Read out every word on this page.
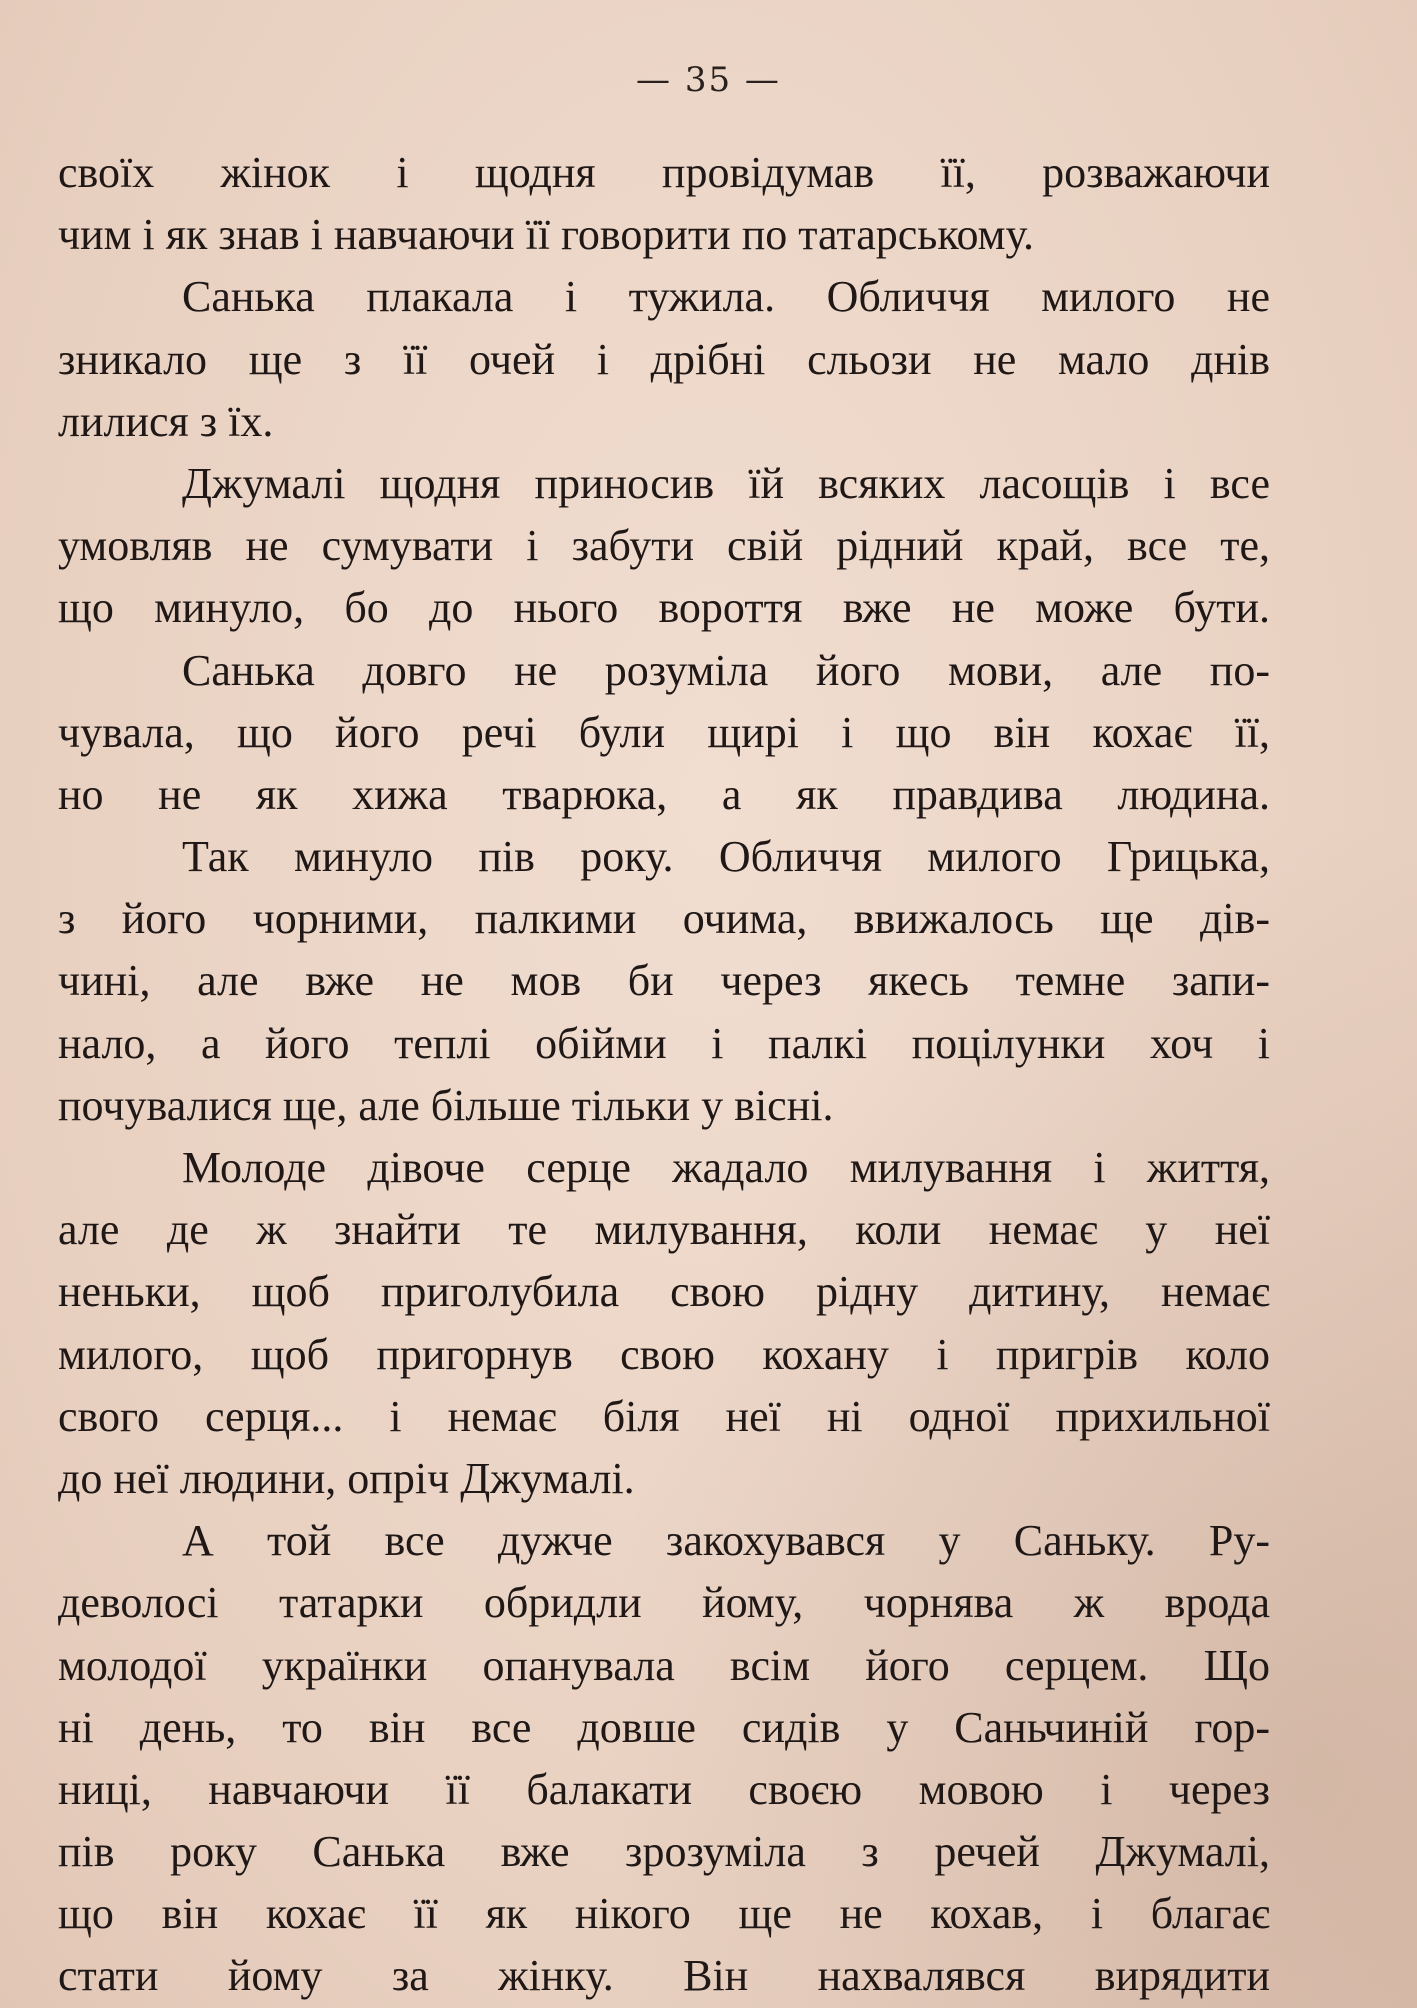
— 35 —
своїх жінок і щодня провідумав її, розважаючи
чим і як знав і навчаючи її говорити по татарському.
Санька плакала і тужила. Обличчя милого не
зникало ще з її очей і дрібні сльози не мало днів
лилися з їх.
Джумалі щодня приносив їй всяких ласощів і все
умовляв не сумувати і забути свій рідний край, все те,
що минуло, бо до нього вороття вже не може бути.
Санька довго не розуміла його мови, але по-
чувала, що його речі були щирі і що він кохає її,
но не як хижа тварюка, а як правдива людина.
Так минуло пів року. Обличчя милого Грицька,
з його чорними, палкими очима, ввижалось ще дів-
чині, але вже не мов би через якесь темне запи-
нало, а його теплі обійми і палкі поцілунки хоч і
почувалися ще, але більше тільки у вісні.
Молоде дівоче серце жадало милування і життя,
але де ж знайти те милування, коли немає у неї
неньки, щоб приголубила свою рідну дитину, немає
милого, щоб пригорнув свою кохану і пригрів коло
свого серця... і немає біля неї ні одної прихильної
до неї людини, опріч Джумалі.
А той все дужче закохувався у Саньку. Ру-
деволосі татарки обридли йому, чорнява ж врода
молодої українки опанувала всім його серцем. Що
ні день, то він все довше сидів у Саньчиній гор-
ниці, навчаючи її балакати своєю мовою і через
пів року Санька вже зрозуміла з речей Джумалі,
що він кохає її як нікого ще не кохав, і благає
стати йому за жінку. Він нахвалявся вирядити
